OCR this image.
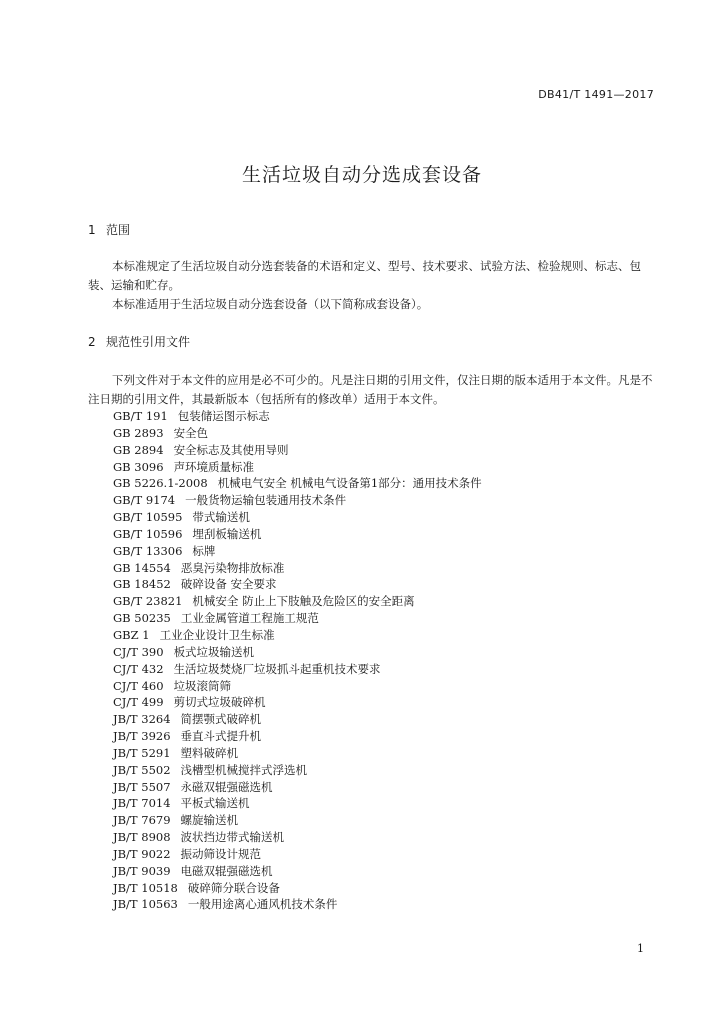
DB41/T 1491—2017
生活垃圾自动分选成套设备
1 范围
本标准规定了生活垃圾自动分选套装备的术语和定义、型号、技术要求、试验方法、检验规则、标志、包装、运输和贮存。
本标准适用于生活垃圾自动分选套设备（以下简称成套设备）。
2 规范性引用文件
下列文件对于本文件的应用是必不可少的。凡是注日期的引用文件，仅注日期的版本适用于本文件。凡是不注日期的引用文件，其最新版本（包括所有的修改单）适用于本文件。
GB/T 191 包装储运图示标志
GB 2893 安全色
GB 2894 安全标志及其使用导则
GB 3096 声环境质量标准
GB 5226.1-2008 机械电气安全 机械电气设备第1部分：通用技术条件
GB/T 9174 一般货物运输包装通用技术条件
GB/T 10595 带式输送机
GB/T 10596 埋刮板输送机
GB/T 13306 标牌
GB 14554 恶臭污染物排放标准
GB 18452 破碎设备 安全要求
GB/T 23821 机械安全 防止上下肢触及危险区的安全距离
GB 50235 工业金属管道工程施工规范
GBZ 1 工业企业设计卫生标准
CJ/T 390 板式垃圾输送机
CJ/T 432 生活垃圾焚烧厂垃圾抓斗起重机技术要求
CJ/T 460 垃圾滚筒筛
CJ/T 499 剪切式垃圾破碎机
JB/T 3264 简摆颚式破碎机
JB/T 3926 垂直斗式提升机
JB/T 5291 塑料破碎机
JB/T 5502 浅槽型机械搅拌式浮选机
JB/T 5507 永磁双辊强磁选机
JB/T 7014 平板式输送机
JB/T 7679 螺旋输送机
JB/T 8908 波状挡边带式输送机
JB/T 9022 振动筛设计规范
JB/T 9039 电磁双辊强磁选机
JB/T 10518 破碎筛分联合设备
JB/T 10563 一般用途离心通风机技术条件
1
